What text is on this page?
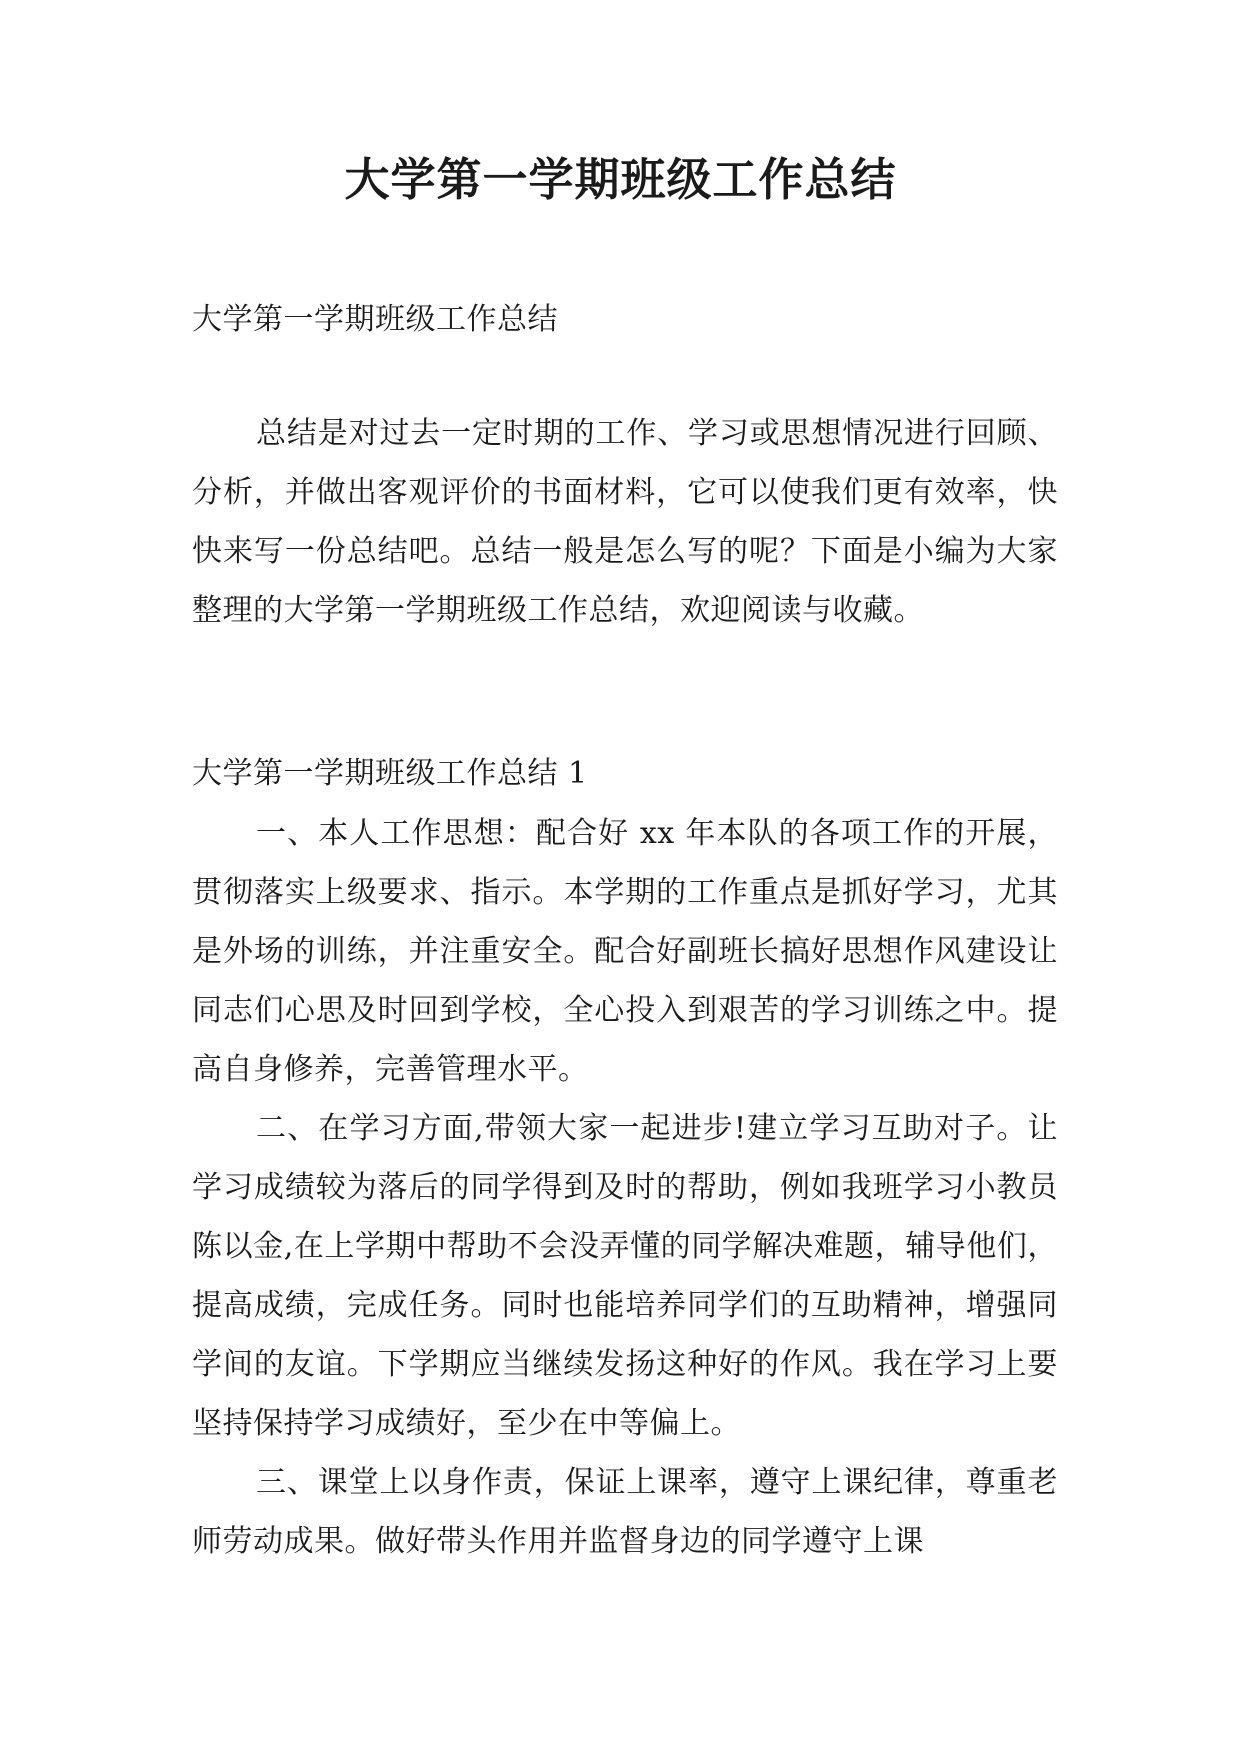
大学第一学期班级工作总结

大学第一学期班级工作总结

总结是对过去一定时期的工作、学习或思想情况进行回顾、分析，并做出客观评价的书面材料，它可以使我们更有效率，快快来写一份总结吧。总结一般是怎么写的呢？下面是小编为大家整理的大学第一学期班级工作总结，欢迎阅读与收藏。

大学第一学期班级工作总结 1

一、本人工作思想：配合好 xx 年本队的各项工作的开展，贯彻落实上级要求、指示。本学期的工作重点是抓好学习，尤其是外场的训练，并注重安全。配合好副班长搞好思想作风建设让同志们心思及时回到学校，全心投入到艰苦的学习训练之中。提高自身修养，完善管理水平。

二、在学习方面,带领大家一起进步!建立学习互助对子。让学习成绩较为落后的同学得到及时的帮助，例如我班学习小教员陈以金,在上学期中帮助不会没弄懂的同学解决难题，辅导他们，提高成绩，完成任务。同时也能培养同学们的互助精神，增强同学间的友谊。下学期应当继续发扬这种好的作风。我在学习上要坚持保持学习成绩好，至少在中等偏上。

三、课堂上以身作责，保证上课率，遵守上课纪律，尊重老师劳动成果。做好带头作用并监督身边的同学遵守上课
